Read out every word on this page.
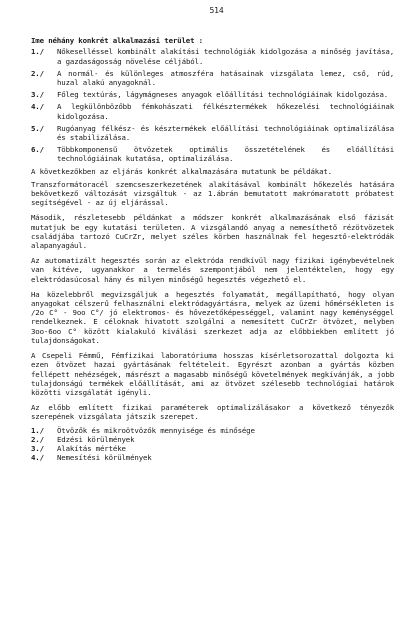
514
Ime néhány konkrét alkalmazási terület :
1./	Nőkeselléssel kombinált alakítási technológiák kidolgozása a minőség javítása, a gazdaságosság növelése céljából.
2./	A normál- és különleges atmoszféra hatásainak vizsgálata lemez, cső, rúd, huzal alakú anyagoknál.
3./	Főleg textúrás, lágymágneses anyagok előállítási technológiáinak kidolgozása.
4./	A legkülönbözőbb fémkohászati félkésztermékek hőkezelési technológiáinak kidolgozása.
5./	Rugóanyag félkész- és késztermékek előállítási technológiáinak optimalizálása és stabilizálása.
6./	Többkomponensű ötvözetek optimális összetételének és előállítási technológiáinak kutatása, optimalizálása.

A következőkben az eljárás konkrét alkalmazására mutatunk be példákat.

Transzformátoracél szemcseszerkezetének alakításával kombinált hőkezelés hatására bekövetkező változását vizsgáltuk - az 1.ábrán bemutatott makrómaratott próbatest segítségével - az új eljárással.

Második, részletesebb példánkat a módszer konkrét alkalmazásának első fázisát mutatjuk be egy kutatási területen. A vizsgálandó anyag a nemesíthető rézötvözetek családjába tartozó CuCrZr, melyet széles körben használnak fel hegesztő-elektródák alapanyagául.

Az automatizált hegesztés során az elektróda rendkívül nagy fizikai igénybevételnek van kitéve, ugyanakkor a termelés szempontjából nem jelentéktelen, hogy egy elektródasúcosal hány és milyen minőségű hegesztés végezhető el.

Ha közelebbről megvizsgáljuk a hegesztés folyamatát, megállapítható, hogy olyan anyagokat célszerű felhasználni elektródagyártásra, melyek az üzemi hőmérsékleten is /2o C° - 9oo C°/ jó elektromos- és hővezetőképességgel, valamint nagy keménységgel rendelkeznek. E céloknak hivatott szolgálni a nemesített CuCrZr ötvözet, melyben 3oo-6oo C° között kialakuló kiválási szerkezet adja az előbbiekben említett jó tulajdonságokat.

A Csepeli Fémmű, Fémfizikai laboratóriuma hosszas kísérletsorozattal dolgozta ki ezen ötvözet hazai gyártásának feltételeit. Egyrészt azonban a gyártás közben fellépett nehézségek, másrészt a magasabb minőségű követelmények megkívánják, a jobb tulajdonságú termékek előállítását, ami az ötvözet szélesebb technológiai határok közötti vizsgálatát igényli.

Az előbb említett fizikai paraméterek optimalizálásakor a következő tényezők szerepének vizsgálata játszik szerepet.

1./	Ötvözők és mikroötvözők mennyisége és minősége
2./	Edzési körülmények
3./	Alakítás mértéke
4./	Nemesítési körülmények
